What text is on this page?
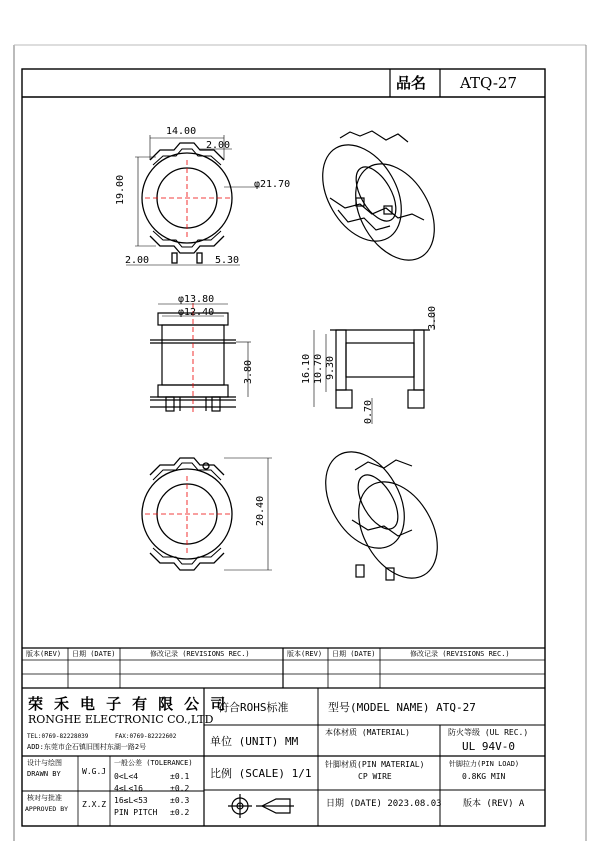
品名 ATQ-27
14.00
2.00
φ21.70
19.00
2.00	5.30
φ13.80
φ12.40
3.80
3.00
16.10 10.70 9.30
0.70
20.40
版本(REV) 日期 (DATE)	修改记录 (REVISIONS REC.)	版本(REV) 日期 (DATE)	修改记录 (REVISIONS REC.)
荣 禾 电 子 有 限 公 司
RONGHE ELECTRONIC CO.,LTD
TEL:0769-82228039	FAX:0769-82222602
ADD:东莞市企石镇旧围村东湖一路2号
符合ROHS标准	型号(MODEL NAME) ATQ-27
单位 (UNIT) MM
本体材质 (MATERIAL)	防火等级 (UL REC.)
UL 94V-0
设计与绘图
DRAWN BY	W.G.J
核对与批准
APPROVED BY Z.X.Z
一般公差 (TOLERANCE)
0<L<4	±0.1
4≤L<16	±0.2
16≤L<53	±0.3
PIN PITCH ±0.2
比例 (SCALE) 1/1
针脚材质(PIN MATERIAL)
CP WIRE
针脚拉力(PIN LOAD)
0.8KG MIN
日期 (DATE) 2023.08.03 版本 (REV) A
